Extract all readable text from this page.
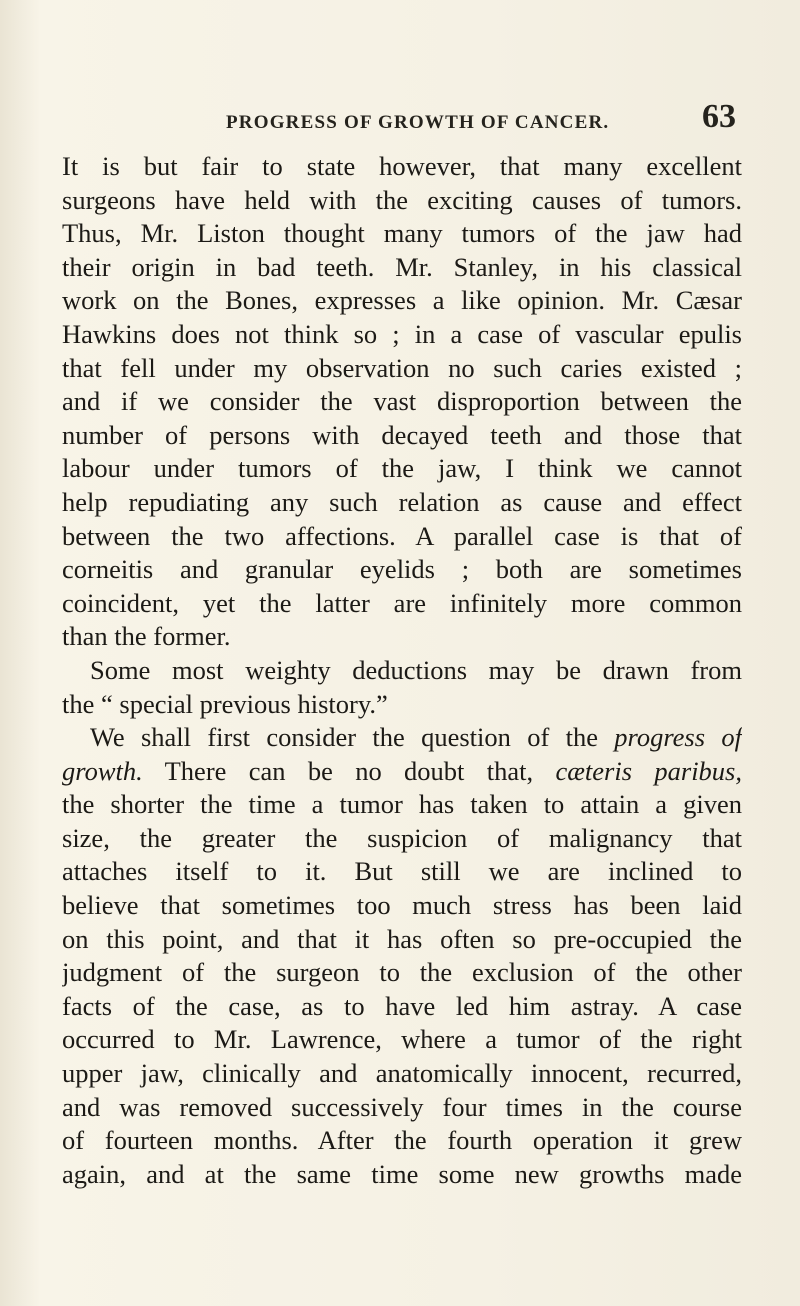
PROGRESS OF GROWTH OF CANCER.	63
It is but fair to state however, that many excellent
surgeons have held with the exciting causes of tumors.
Thus, Mr. Liston thought many tumors of the jaw had
their origin in bad teeth. Mr. Stanley, in his classical
work on the Bones, expresses a like opinion. Mr. Cæsar
Hawkins does not think so ; in a case of vascular epulis
that fell under my observation no such caries existed ;
and if we consider the vast disproportion between the
number of persons with decayed teeth and those that
labour under tumors of the jaw, I think we cannot
help repudiating any such relation as cause and effect
between the two affections. A parallel case is that of
corneitis and granular eyelids ; both are sometimes
coincident, yet the latter are infinitely more common
than the former.
Some most weighty deductions may be drawn from
the “ special previous history.”
We shall first consider the question of the progress of
growth. There can be no doubt that, cæteris paribus,
the shorter the time a tumor has taken to attain a given
size, the greater the suspicion of malignancy that
attaches itself to it. But still we are inclined to
believe that sometimes too much stress has been laid
on this point, and that it has often so pre-occupied the
judgment of the surgeon to the exclusion of the other
facts of the case, as to have led him astray. A case
occurred to Mr. Lawrence, where a tumor of the right
upper jaw, clinically and anatomically innocent, recurred,
and was removed successively four times in the course
of fourteen months. After the fourth operation it grew
again, and at the same time some new growths made
